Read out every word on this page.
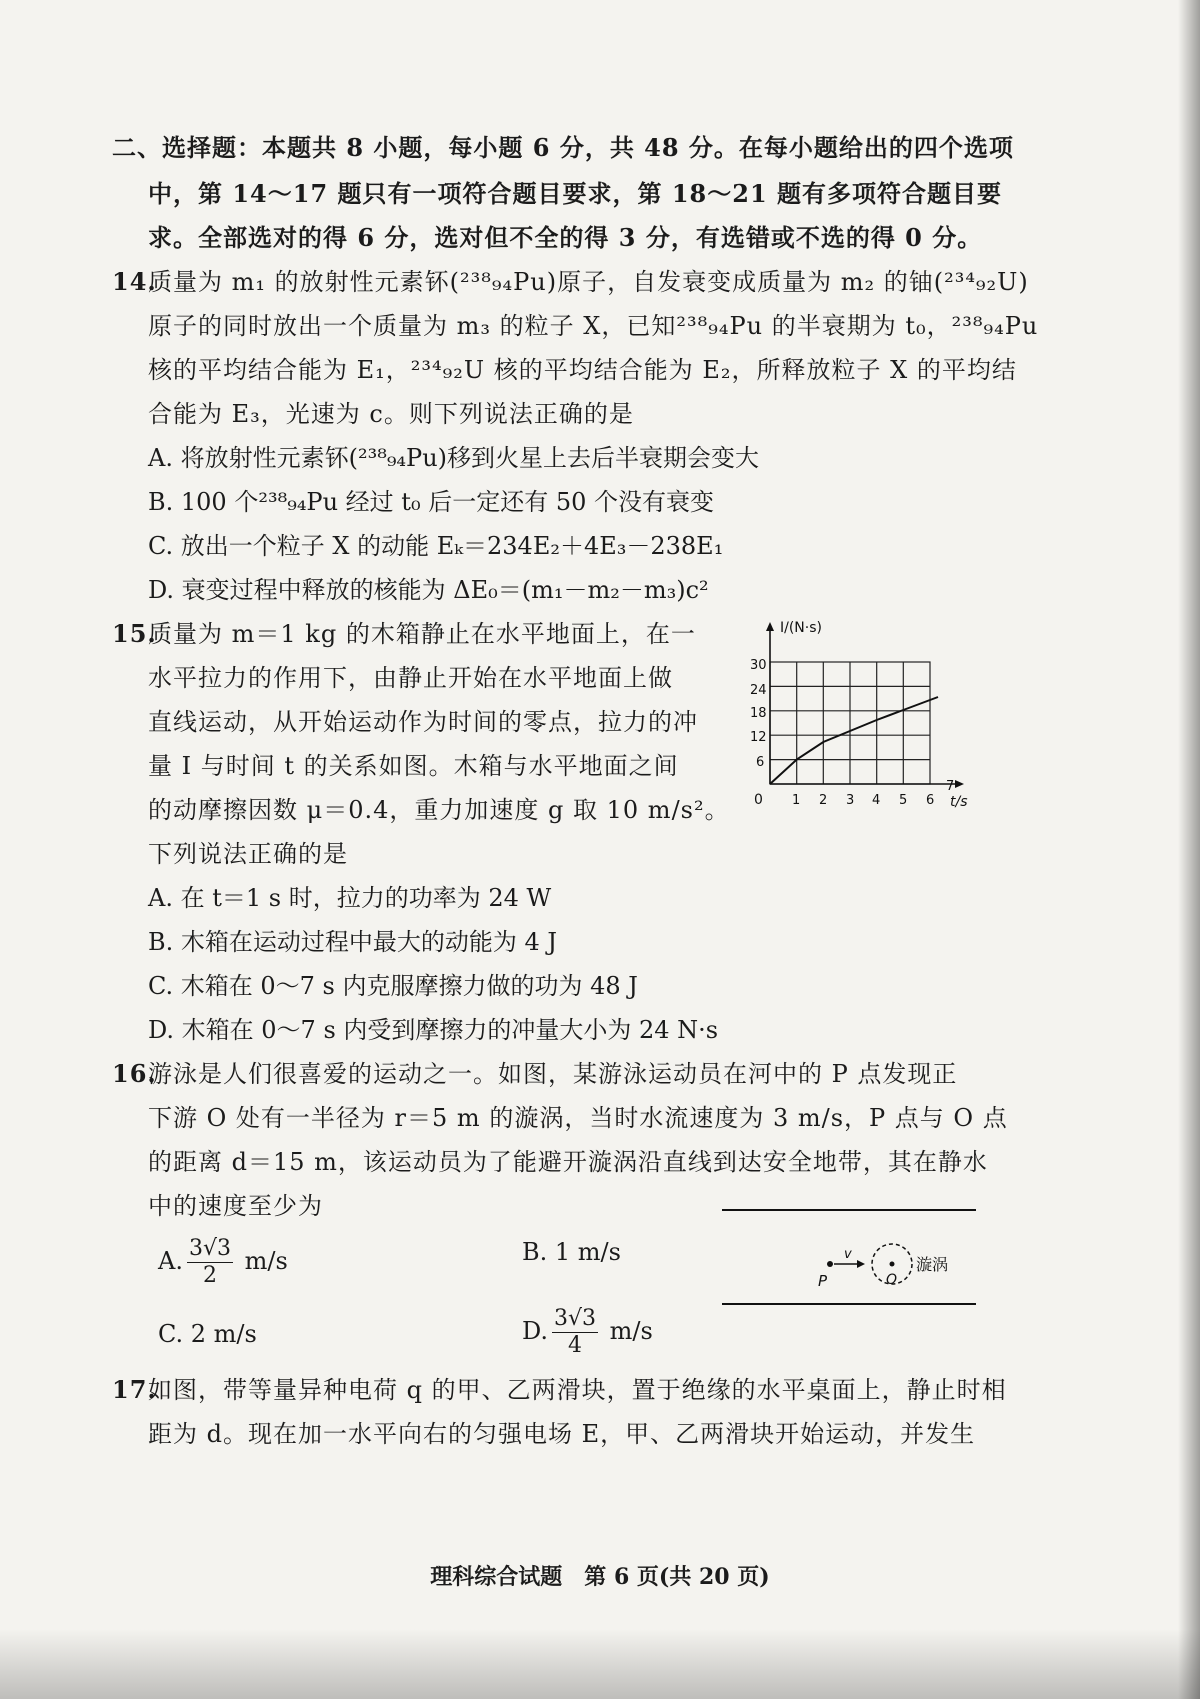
二、选择题：本题共 8 小题，每小题 6 分，共 48 分。在每小题给出的四个选项
中，第 14～17 题只有一项符合题目要求，第 18～21 题有多项符合题目要
求。全部选对的得 6 分，选对但不全的得 3 分，有选错或不选的得 0 分。
14.
质量为 m₁ 的放射性元素钚(²³⁸₉₄Pu)原子，自发衰变成质量为 m₂ 的铀(²³⁴₉₂U)
原子的同时放出一个质量为 m₃ 的粒子 X，已知²³⁸₉₄Pu 的半衰期为 t₀，²³⁸₉₄Pu
核的平均结合能为 E₁，²³⁴₉₂U 核的平均结合能为 E₂，所释放粒子 X 的平均结
合能为 E₃，光速为 c。则下列说法正确的是
A. 将放射性元素钚(²³⁸₉₄Pu)移到火星上去后半衰期会变大
B. 100 个²³⁸₉₄Pu 经过 t₀ 后一定还有 50 个没有衰变
C. 放出一个粒子 X 的动能 Eₖ＝234E₂＋4E₃－238E₁
D. 衰变过程中释放的核能为 ΔE₀＝(m₁－m₂－m₃)c²
15.
质量为 m＝1 kg 的木箱静止在水平地面上，在一
水平拉力的作用下，由静止开始在水平地面上做
直线运动，从开始运动作为时间的零点，拉力的冲
量 I 与时间 t 的关系如图。木箱与水平地面之间
的动摩擦因数 μ＝0.4，重力加速度 g 取 10 m/s²。
下列说法正确的是
A. 在 t＝1 s 时，拉力的功率为 24 W
B. 木箱在运动过程中最大的动能为 4 J
C. 木箱在 0～7 s 内克服摩擦力做的功为 48 J
D. 木箱在 0～7 s 内受到摩擦力的冲量大小为 24 N·s
I/(N·s)
t/s
0
6
12
18
24
30
1 2 3 4 5 6
7
16.
游泳是人们很喜爱的运动之一。如图，某游泳运动员在河中的 P 点发现正
下游 O 处有一半径为 r＝5 m 的漩涡，当时水流速度为 3 m/s，P 点与 O 点
的距离 d＝15 m，该运动员为了能避开漩涡沿直线到达安全地带，其在静水
中的速度至少为
A. $\frac{3√3}{2} m/s$	B. 1 m/s
C. 2 m/s	D. $\frac{3√3}{4} m/s$
P
v
O
漩涡
17.
如图，带等量异种电荷 q 的甲、乙两滑块，置于绝缘的水平桌面上，静止时相
距为 d。现在加一水平向右的匀强电场 E，甲、乙两滑块开始运动，并发生
理科综合试题　第 6 页(共 20 页)
